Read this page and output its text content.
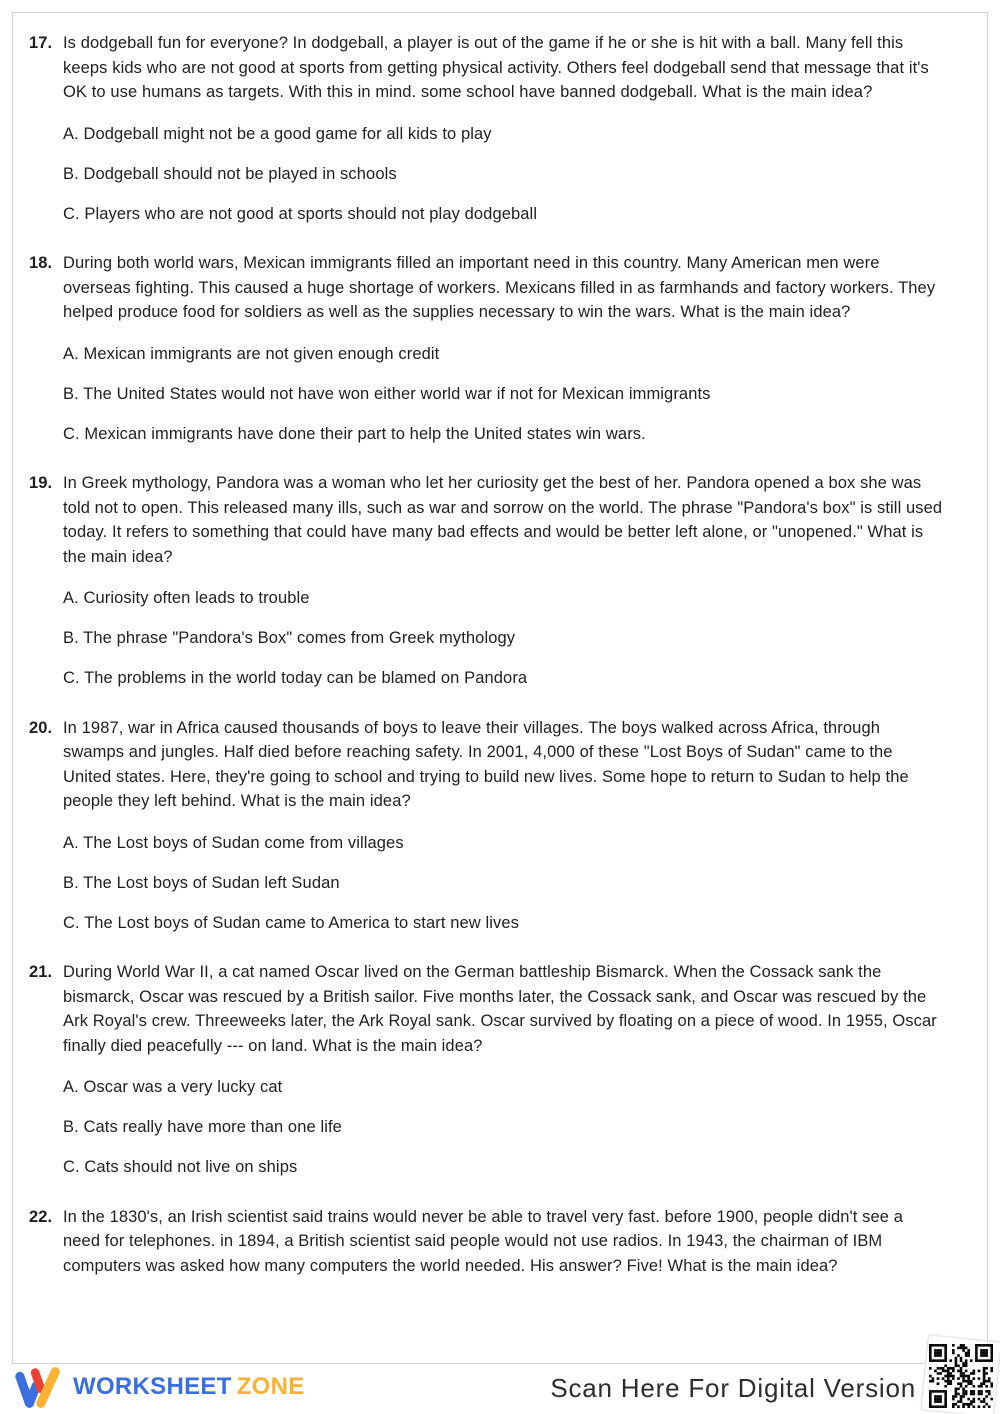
17. Is dodgeball fun for everyone? In dodgeball, a player is out of the game if he or she is hit with a ball. Many fell this keeps kids who are not good at sports from getting physical activity. Others feel dodgeball send that message that it's OK to use humans as targets. With this in mind. some school have banned dodgeball. What is the main idea?

A. Dodgeball might not be a good game for all kids to play

B. Dodgeball should not be played in schools

C. Players who are not good at sports should not play dodgeball

18. During both world wars, Mexican immigrants filled an important need in this country. Many American men were overseas fighting. This caused a huge shortage of workers. Mexicans filled in as farmhands and factory workers. They helped produce food for soldiers as well as the supplies necessary to win the wars. What is the main idea?

A. Mexican immigrants are not given enough credit

B. The United States would not have won either world war if not for Mexican immigrants

C. Mexican immigrants have done their part to help the United states win wars.

19. In Greek mythology, Pandora was a woman who let her curiosity get the best of her. Pandora opened a box she was told not to open. This released many ills, such as war and sorrow on the world. The phrase "Pandora's box" is still used today. It refers to something that could have many bad effects and would be better left alone, or "unopened." What is the main idea?

A. Curiosity often leads to trouble

B. The phrase "Pandora's Box" comes from Greek mythology

C. The problems in the world today can be blamed on Pandora

20. In 1987, war in Africa caused thousands of boys to leave their villages. The boys walked across Africa, through swamps and jungles. Half died before reaching safety. In 2001, 4,000 of these "Lost Boys of Sudan" came to the United states. Here, they're going to school and trying to build new lives. Some hope to return to Sudan to help the people they left behind. What is the main idea?

A. The Lost boys of Sudan come from villages

B. The Lost boys of Sudan left Sudan

C. The Lost boys of Sudan came to America to start new lives

21. During World War II, a cat named Oscar lived on the German battleship Bismarck. When the Cossack sank the bismarck, Oscar was rescued by a British sailor. Five months later, the Cossack sank, and Oscar was rescued by the Ark Royal's crew. Threeweeks later, the Ark Royal sank. Oscar survived by floating on a piece of wood. In 1955, Oscar finally died peacefully --- on land. What is the main idea?

A. Oscar was a very lucky cat

B. Cats really have more than one life

C. Cats should not live on ships

22. In the 1830's, an Irish scientist said trains would never be able to travel very fast. before 1900, people didn't see a need for telephones. in 1894, a British scientist said people would not use radios. In 1943, the chairman of IBM computers was asked how many computers the world needed. His answer? Five! What is the main idea?

WORKSHEET ZONE	Scan Here For Digital Version
